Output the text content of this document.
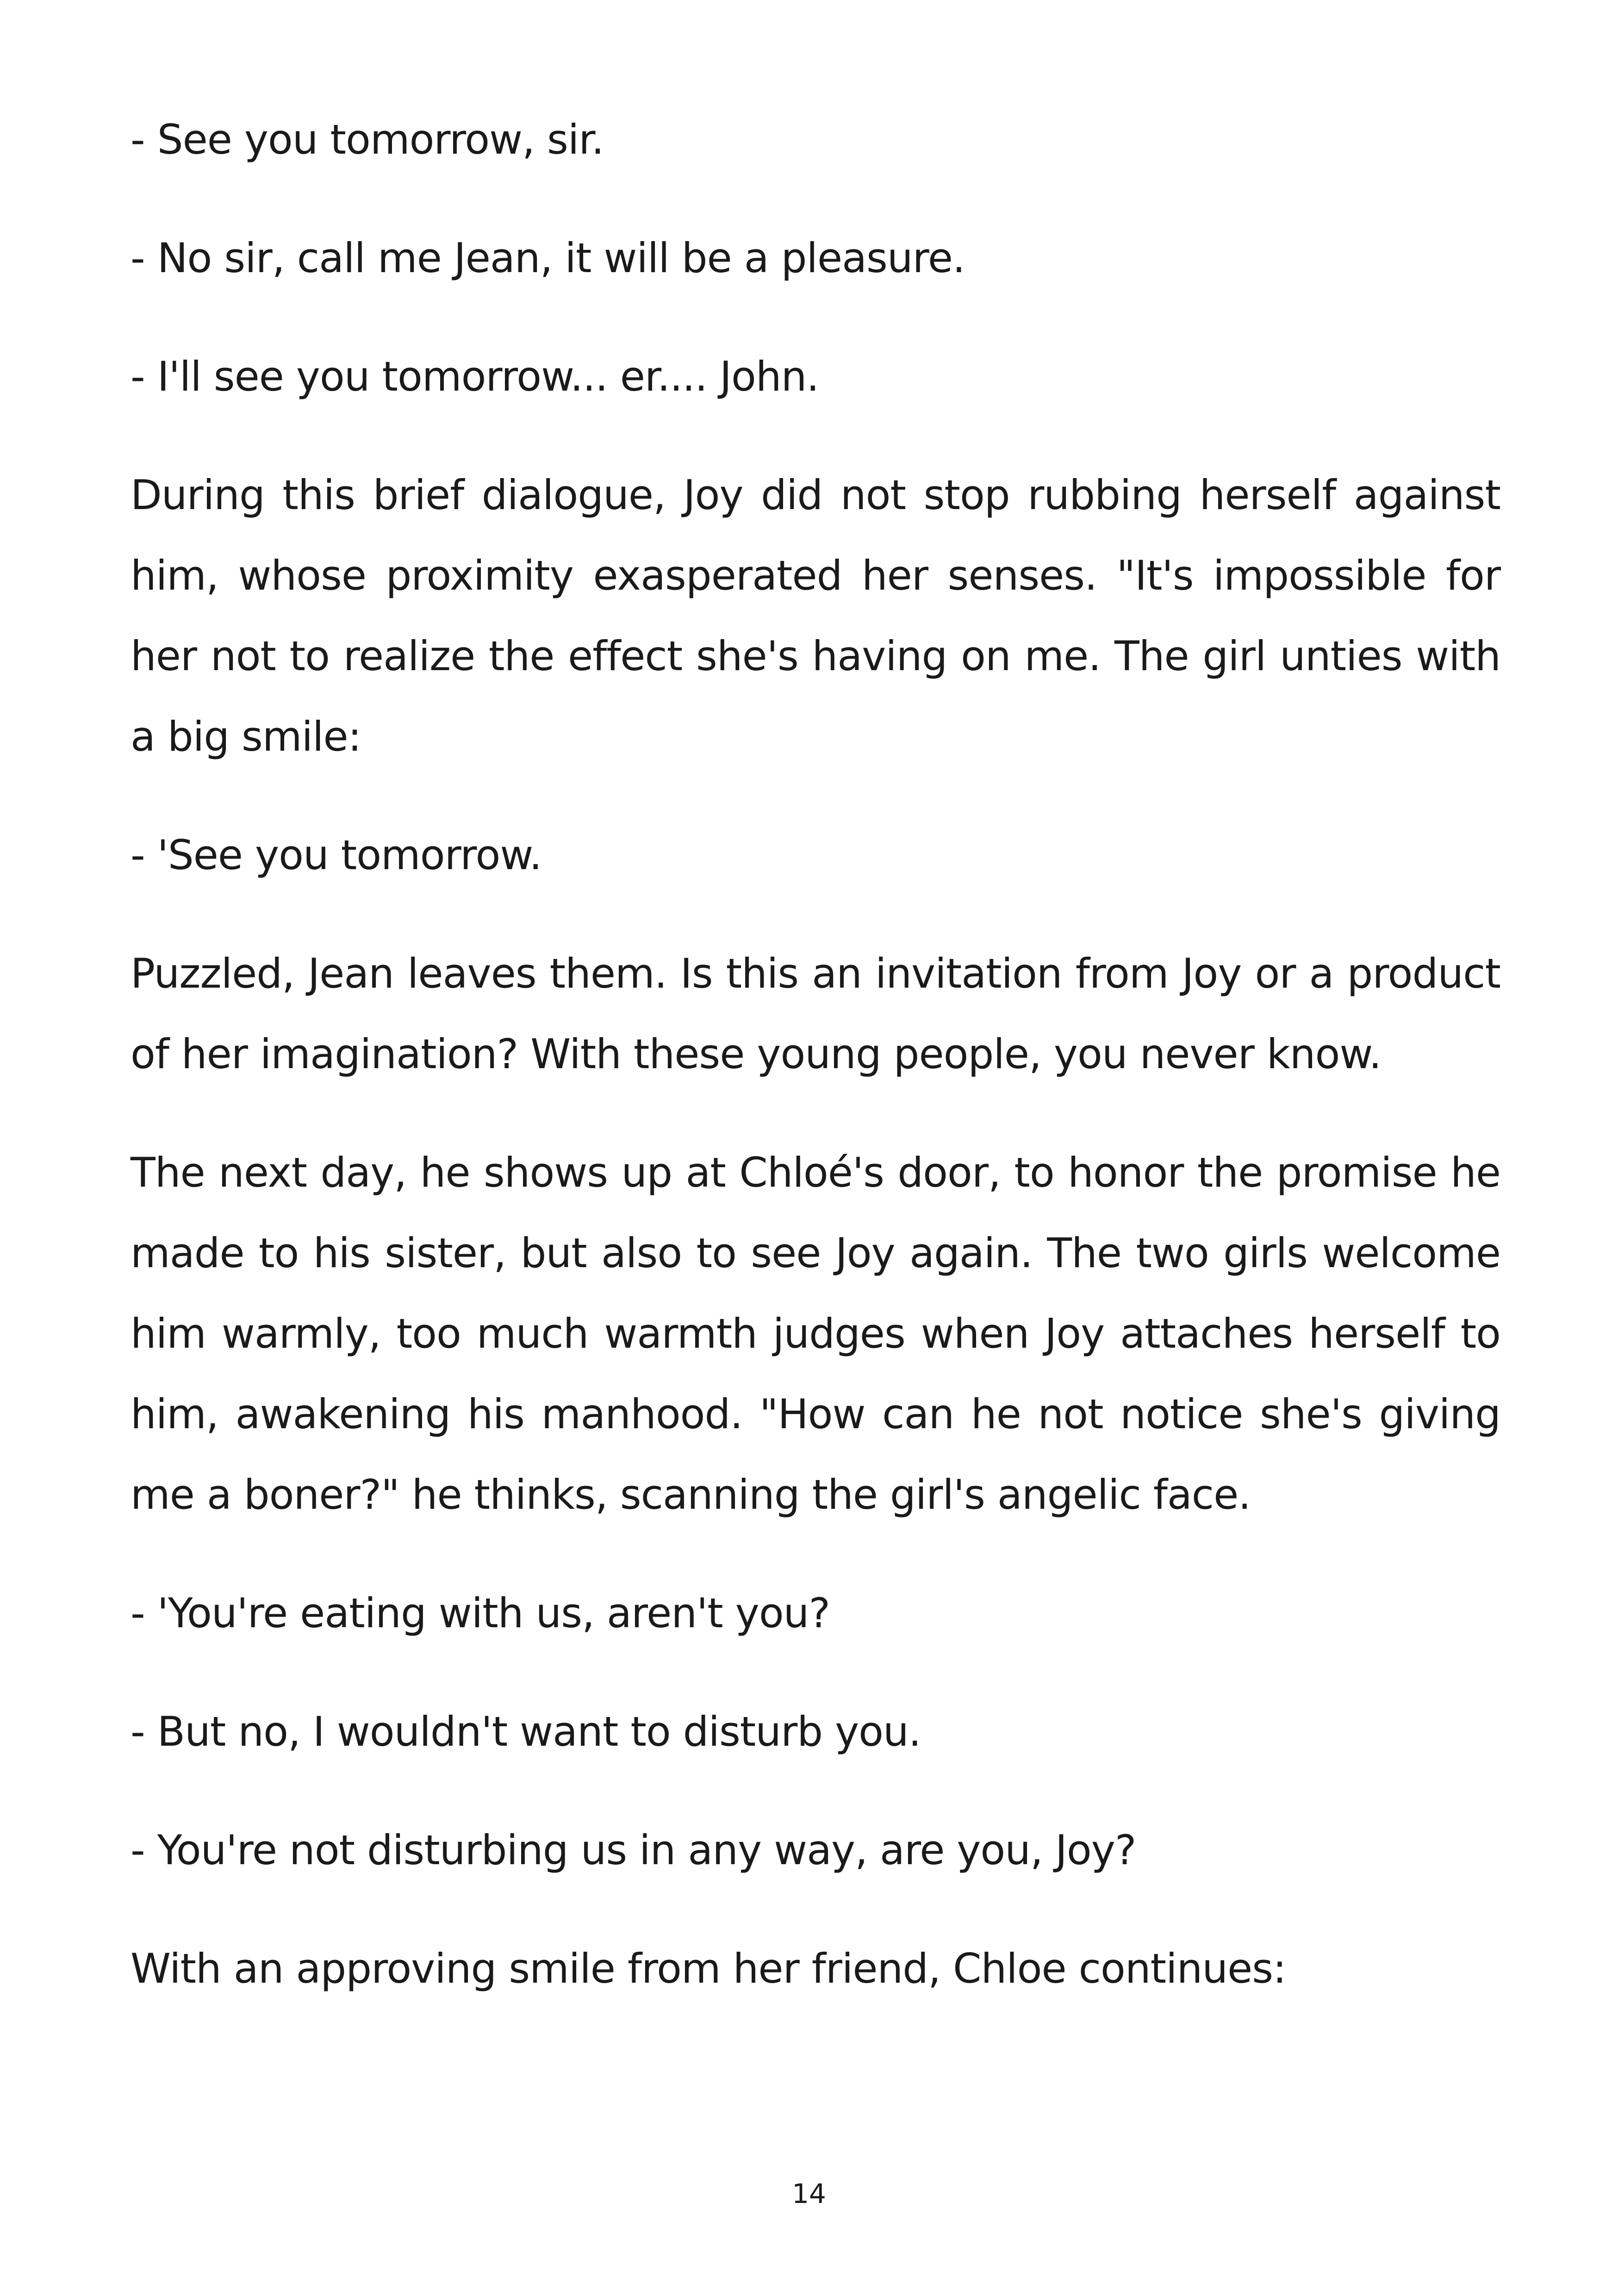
- See you tomorrow, sir.

- No sir, call me Jean, it will be a pleasure.

- I'll see you tomorrow... er.... John.

During this brief dialogue, Joy did not stop rubbing herself against him, whose proximity exasperated her senses. "It's impossible for her not to realize the effect she's having on me. The girl unties with a big smile:

- 'See you tomorrow.

Puzzled, Jean leaves them. Is this an invitation from Joy or a product of her imagination? With these young people, you never know.

The next day, he shows up at Chloé's door, to honor the promise he made to his sister, but also to see Joy again. The two girls welcome him warmly, too much warmth judges when Joy attaches herself to him, awakening his manhood. "How can he not notice she's giving me a boner?" he thinks, scanning the girl's angelic face.

- 'You're eating with us, aren't you?

- But no, I wouldn't want to disturb you.

- You're not disturbing us in any way, are you, Joy?

With an approving smile from her friend, Chloe continues:

14
